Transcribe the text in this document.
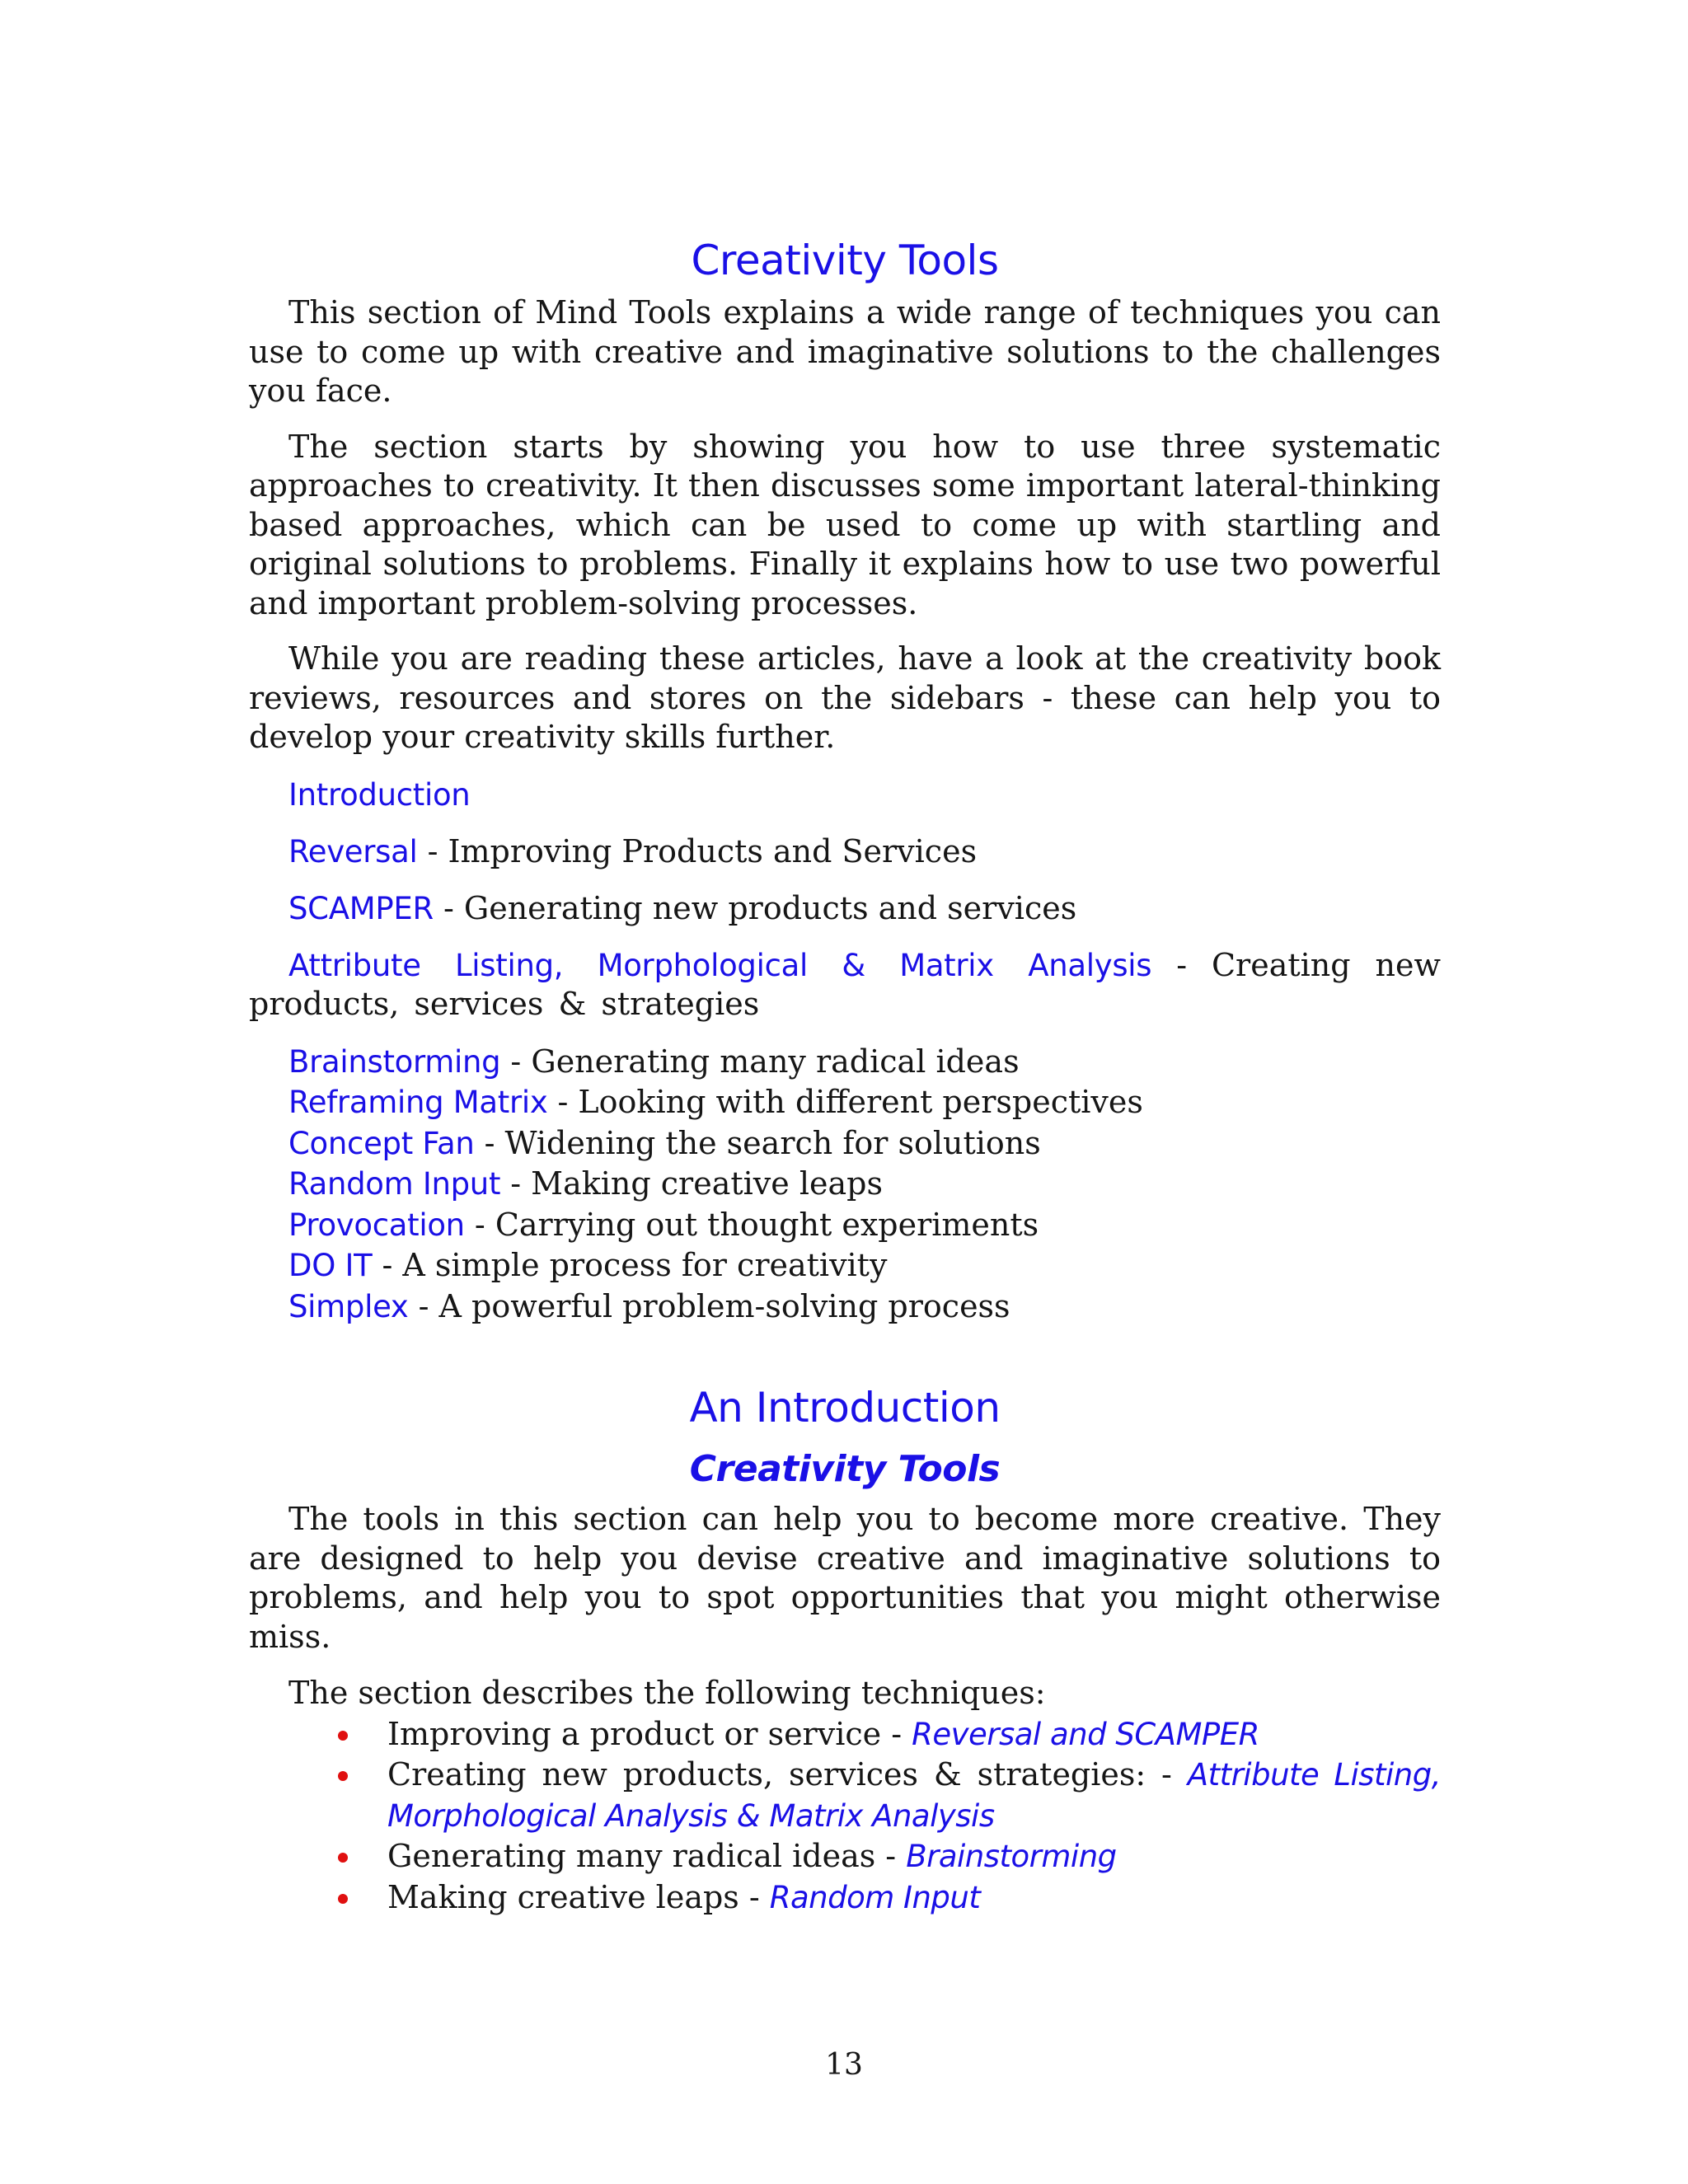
Creativity Tools

This section of Mind Tools explains a wide range of techniques you can use to come up with creative and imaginative solutions to the challenges you face.

The section starts by showing you how to use three systematic approaches to creativity. It then discusses some important lateral-thinking based approaches, which can be used to come up with startling and original solutions to problems. Finally it explains how to use two powerful and important problem-solving processes.

While you are reading these articles, have a look at the creativity book reviews, resources and stores on the sidebars - these can help you to develop your creativity skills further.

Introduction

Reversal - Improving Products and Services

SCAMPER - Generating new products and services

Attribute Listing, Morphological & Matrix Analysis - Creating new products, services & strategies

Brainstorming - Generating many radical ideas

Reframing Matrix - Looking with different perspectives

Concept Fan - Widening the search for solutions

Random Input - Making creative leaps

Provocation - Carrying out thought experiments

DO IT - A simple process for creativity

Simplex - A powerful problem-solving process

An Introduction
Creativity Tools

The tools in this section can help you to become more creative. They are designed to help you devise creative and imaginative solutions to problems, and help you to spot opportunities that you might otherwise miss.

The section describes the following techniques:

Improving a product or service - Reversal and SCAMPER
Creating new products, services & strategies: - Attribute Listing, Morphological Analysis & Matrix Analysis
Generating many radical ideas - Brainstorming
Making creative leaps - Random Input
13
